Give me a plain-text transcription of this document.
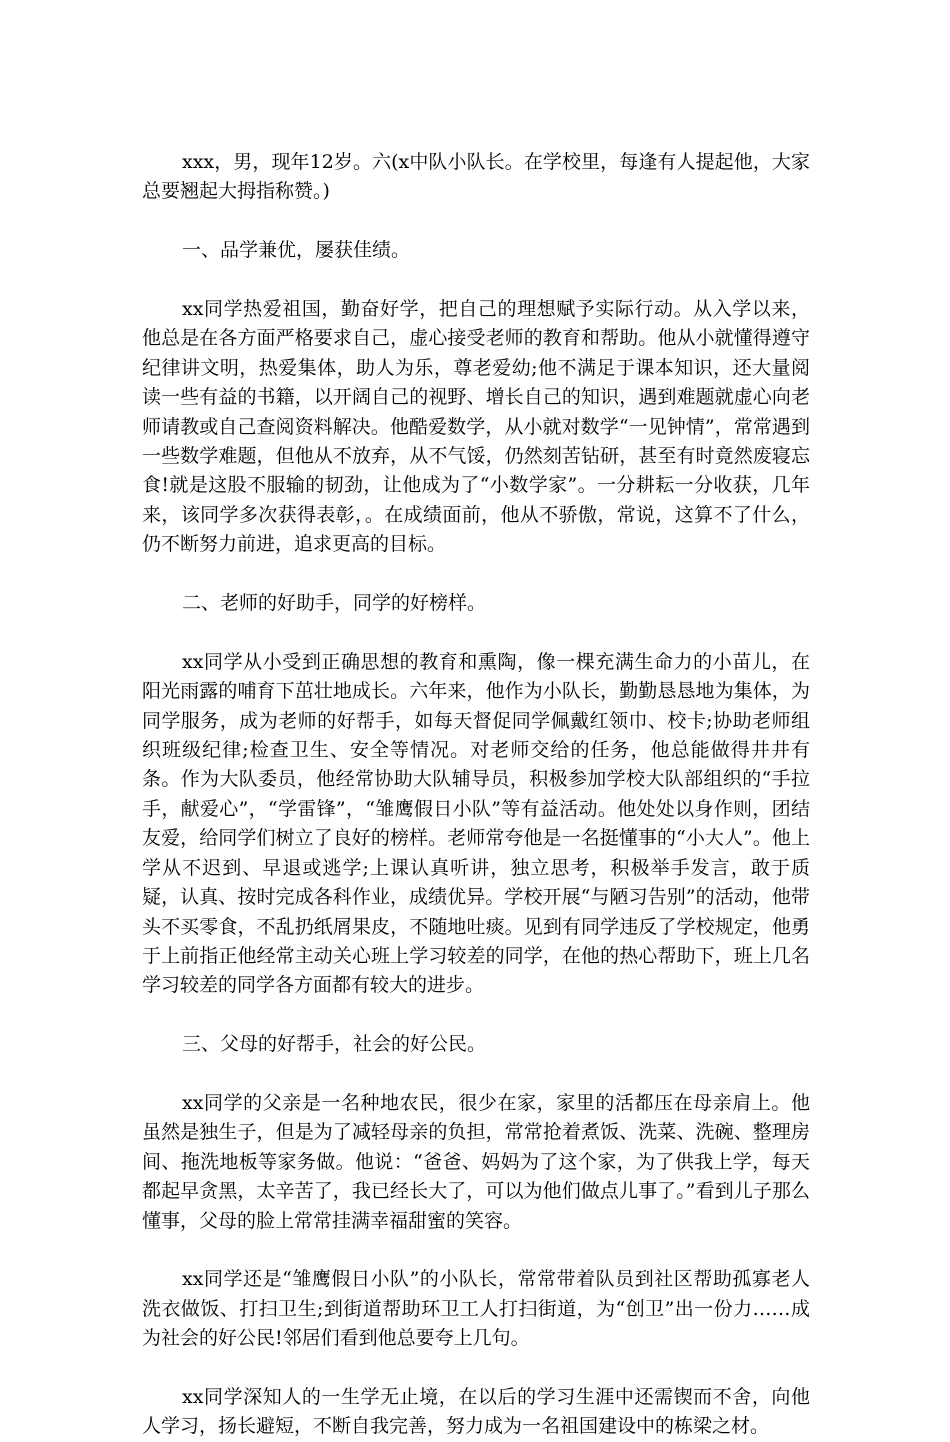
xxx，男，现年12岁。六(x中队小队长。在学校里，每逢有人提起他，大家总要翘起大拇指称赞。)

一、品学兼优，屡获佳绩。

xx同学热爱祖国，勤奋好学，把自己的理想赋予实际行动。从入学以来，他总是在各方面严格要求自己，虚心接受老师的教育和帮助。他从小就懂得遵守纪律讲文明，热爱集体，助人为乐，尊老爱幼;他不满足于课本知识，还大量阅读一些有益的书籍，以开阔自己的视野、增长自己的知识，遇到难题就虚心向老师请教或自己查阅资料解决。他酷爱数学，从小就对数学“一见钟情”，常常遇到一些数学难题，但他从不放弃，从不气馁，仍然刻苦钻研，甚至有时竟然废寝忘食!就是这股不服输的韧劲，让他成为了“小数学家”。一分耕耘一分收获，几年来，该同学多次获得表彰，。在成绩面前，他从不骄傲，常说，这算不了什么，仍不断努力前进，追求更高的目标。

二、老师的好助手，同学的好榜样。

xx同学从小受到正确思想的教育和熏陶，像一棵充满生命力的小苗儿，在阳光雨露的哺育下茁壮地成长。六年来，他作为小队长，勤勤恳恳地为集体，为同学服务，成为老师的好帮手，如每天督促同学佩戴红领巾、校卡;协助老师组织班级纪律;检查卫生、安全等情况。对老师交给的任务，他总能做得井井有条。作为大队委员，他经常协助大队辅导员，积极参加学校大队部组织的“手拉手，献爱心”，“学雷锋”，“雏鹰假日小队”等有益活动。他处处以身作则，团结友爱，给同学们树立了良好的榜样。老师常夸他是一名挺懂事的“小大人”。他上学从不迟到、早退或逃学;上课认真听讲，独立思考，积极举手发言，敢于质疑，认真、按时完成各科作业，成绩优异。学校开展“与陋习告别”的活动，他带头不买零食，不乱扔纸屑果皮，不随地吐痰。见到有同学违反了学校规定，他勇于上前指正他经常主动关心班上学习较差的同学，在他的热心帮助下，班上几名学习较差的同学各方面都有较大的进步。

三、父母的好帮手，社会的好公民。

xx同学的父亲是一名种地农民，很少在家，家里的活都压在母亲肩上。他虽然是独生子，但是为了减轻母亲的负担，常常抢着煮饭、洗菜、洗碗、整理房间、拖洗地板等家务做。他说：“爸爸、妈妈为了这个家，为了供我上学，每天都起早贪黑，太辛苦了，我已经长大了，可以为他们做点儿事了。”看到儿子那么懂事，父母的脸上常常挂满幸福甜蜜的笑容。

xx同学还是“雏鹰假日小队”的小队长，常常带着队员到社区帮助孤寡老人洗衣做饭、打扫卫生;到街道帮助环卫工人打扫街道，为“创卫”出一份力……成为社会的好公民!邻居们看到他总要夸上几句。

xx同学深知人的一生学无止境，在以后的学习生涯中还需锲而不舍，向他人学习，扬长避短，不断自我完善，努力成为一名祖国建设中的栋梁之材。
